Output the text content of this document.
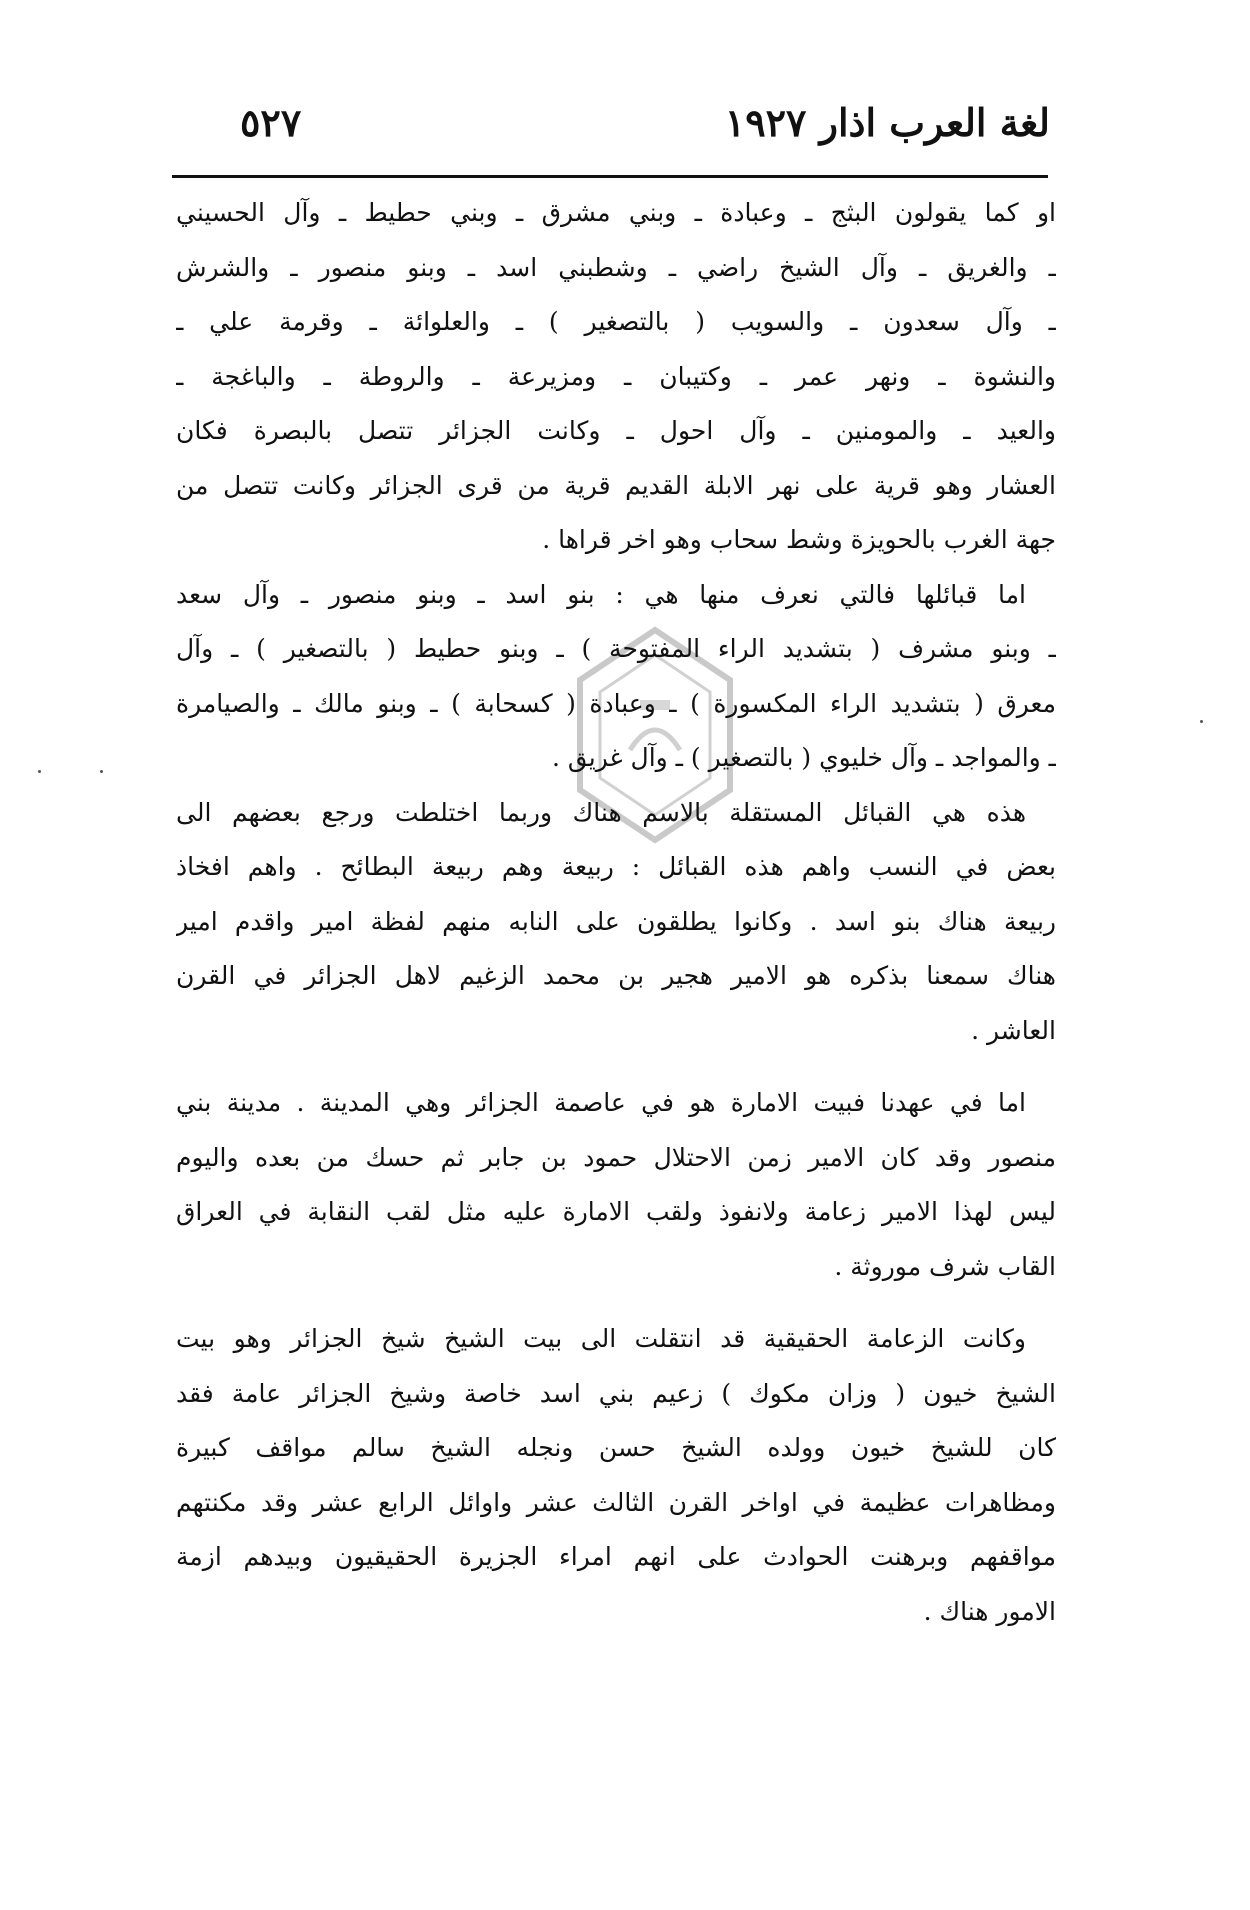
لغة العرب اذار ١٩٢٧
٥٢٧
او كما يقولون البثج ـ وعبادة ـ وبني مشرق ـ وبني حطيط ـ وآل الحسيني
ـ والغريق ـ وآل الشيخ راضي ـ وشطبني اسد ـ وبنو منصور ـ والشرش
ـ وآل سعدون ـ والسويب ( بالتصغير ) ـ والعلوائة ـ وقرمة علي ـ
والنشوة ـ ونهر عمر ـ وكتيبان ـ ومزيرعة ـ والروطة ـ والباغجة ـ
والعيد ـ والمومنين ـ وآل احول ـ وكانت الجزائر تتصل بالبصرة فكان
العشار وهو قرية على نهر الابلة القديم قرية من قرى الجزائر وكانت تتصل من
جهة الغرب بالحويزة وشط سحاب وهو اخر قراها .
اما قبائلها فالتي نعرف منها هي : بنو اسد ـ وبنو منصور ـ وآل سعد
ـ وبنو مشرف ( بتشديد الراء المفتوحة ) ـ وبنو حطيط ( بالتصغير ) ـ وآل
معرق ( بتشديد الراء المكسورة ) ـ وعبادة ( كسحابة ) ـ وبنو مالك ـ والصيامرة
ـ والمواجد ـ وآل خليوي ( بالتصغير ) ـ وآل غريق .
هذه هي القبائل المستقلة بالاسم هناك وربما اختلطت ورجع بعضهم الى
بعض في النسب واهم هذه القبائل : ربيعة وهم ربيعة البطائح . واهم افخاذ
ربيعة هناك بنو اسد . وكانوا يطلقون على النابه منهم لفظة امير واقدم امير
هناك سمعنا بذكره هو الامير هجير بن محمد الزغيم لاهل الجزائر في القرن
العاشر .
اما في عهدنا فبيت الامارة هو في عاصمة الجزائر وهي المدينة . مدينة بني
منصور وقد كان الامير زمن الاحتلال حمود بن جابر ثم حسك من بعده واليوم
ليس لهذا الامير زعامة ولانفوذ ولقب الامارة عليه مثل لقب النقابة في العراق
القاب شرف موروثة .
وكانت الزعامة الحقيقية قد انتقلت الى بيت الشيخ شيخ الجزائر وهو بيت
الشيخ خيون ( وزان مكوك ) زعيم بني اسد خاصة وشيخ الجزائر عامة فقد
كان للشيخ خيون وولده الشيخ حسن ونجله الشيخ سالم مواقف كبيرة
ومظاهرات عظيمة في اواخر القرن الثالث عشر واوائل الرابع عشر وقد مكنتهم
مواقفهم وبرهنت الحوادث على انهم امراء الجزيرة الحقيقيون وبيدهم ازمة
الامور هناك .
